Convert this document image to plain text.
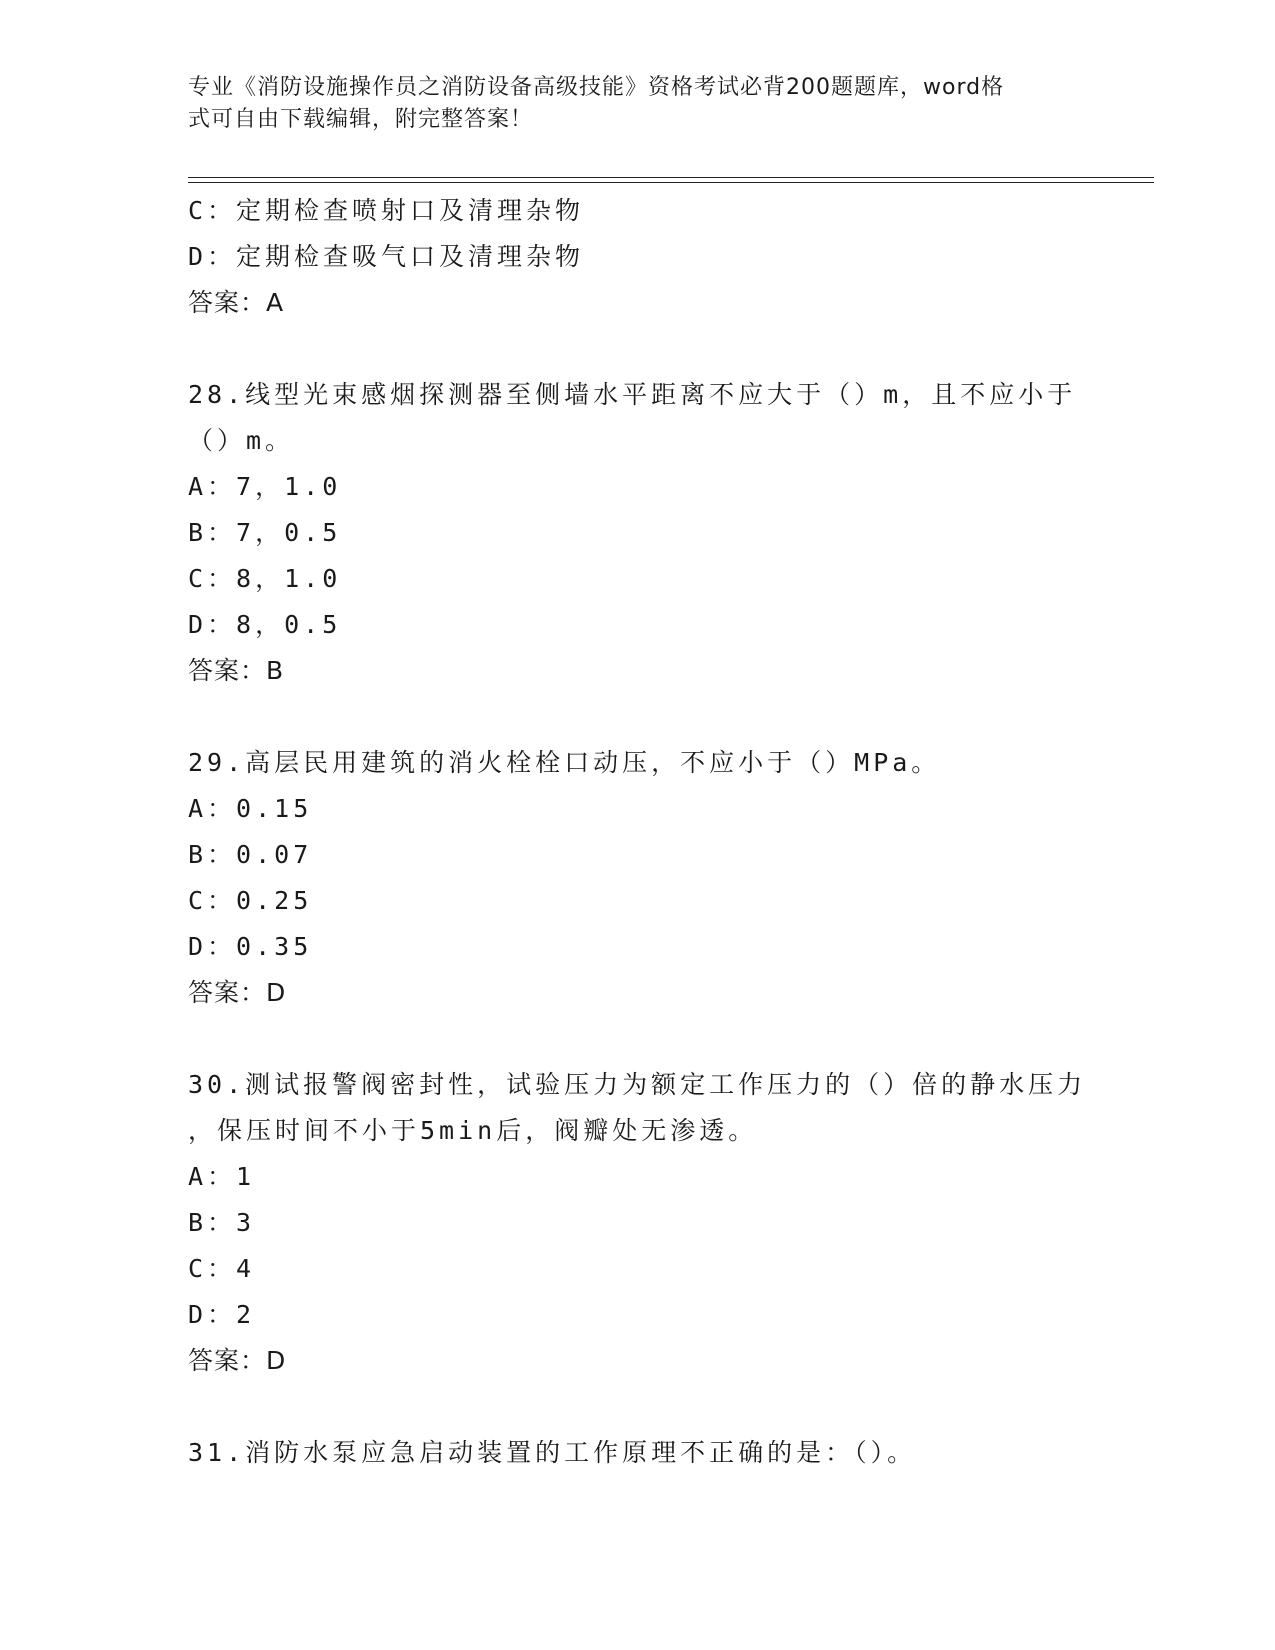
专业《消防设施操作员之消防设备高级技能》资格考试必背200题题库，word格
式可自由下载编辑，附完整答案！
C：定期检查喷射口及清理杂物
D：定期检查吸气口及清理杂物
答案：A
28.线型光束感烟探测器至侧墙水平距离不应大于（）m，且不应小于
（）m。
A：7，1.0
B：7，0.5
C：8，1.0
D：8，0.5
答案：B
29.高层民用建筑的消火栓栓口动压，不应小于（）MPa。
A：0.15
B：0.07
C：0.25
D：0.35
答案：D
30.测试报警阀密封性，试验压力为额定工作压力的（）倍的静水压力
，保压时间不小于5min后，阀瓣处无渗透。
A：1
B：3
C：4
D：2
答案：D
31.消防水泵应急启动装置的工作原理不正确的是：（）。
